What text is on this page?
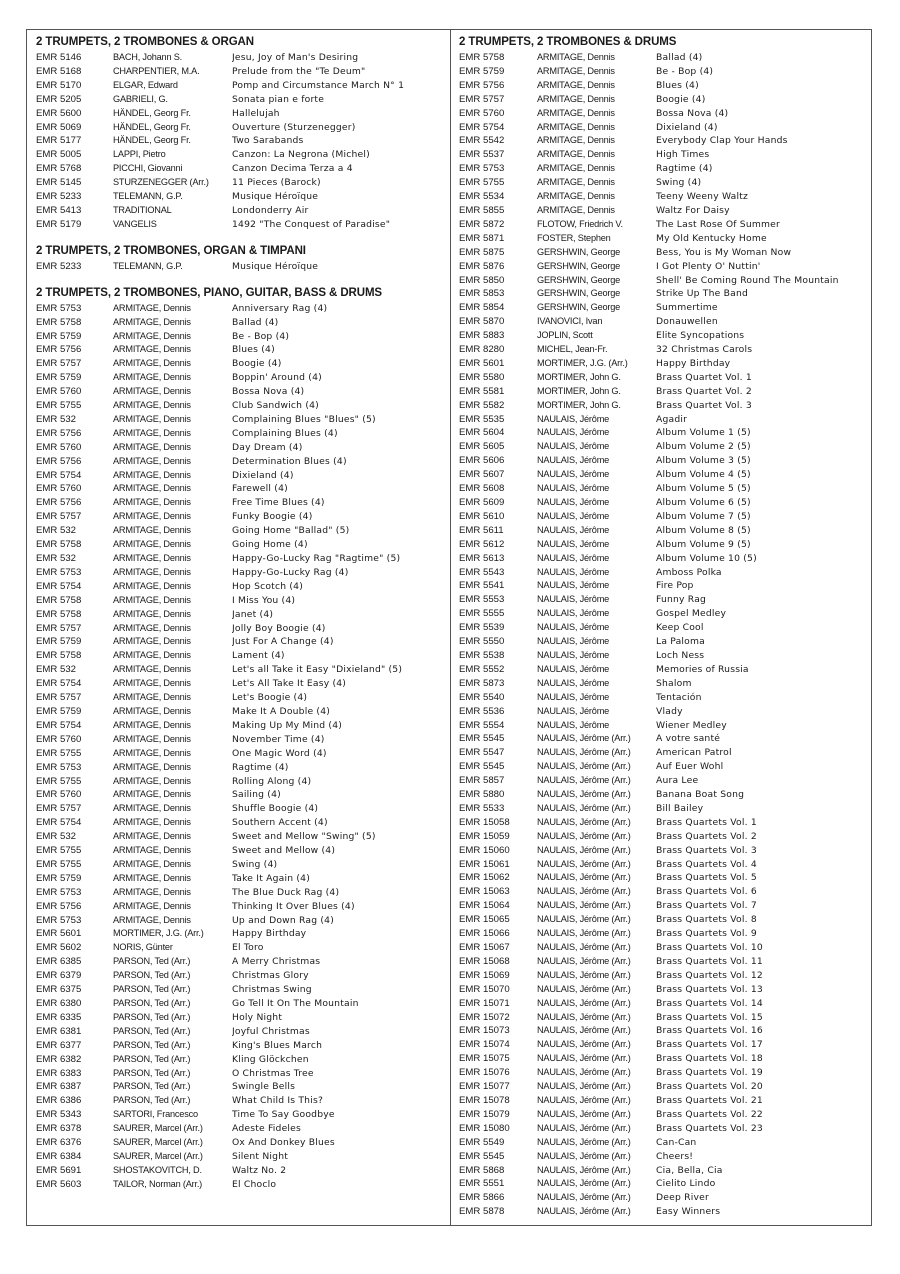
2 TRUMPETS, 2 TROMBONES & ORGAN
EMR 5146	BACH, Johann S.	Jesu, Joy of Man's Desiring
EMR 5168	CHARPENTIER, M.A.	Prelude from the "Te Deum"
EMR 5170	ELGAR, Edward	Pomp and Circumstance March N° 1
EMR 5205	GABRIELI, G.	Sonata pian e forte
EMR 5600	HÄNDEL, Georg Fr.	Hallelujah
EMR 5069	HÄNDEL, Georg Fr.	Ouverture (Sturzenegger)
EMR 5177	HÄNDEL, Georg Fr.	Two Sarabands
EMR 5005	LAPPI, Pietro	Canzon: La Negrona (Michel)
EMR 5768	PICCHI, Giovanni	Canzon Decima Terza a 4
EMR 5145	STURZENEGGER (Arr.)	11 Pieces (Barock)
EMR 5233	TELEMANN, G.P.	Musique Héroïque
EMR 5413	TRADITIONAL	Londonderry Air
EMR 5179	VANGELIS	1492 "The Conquest of Paradise"
2 TRUMPETS, 2 TROMBONES, ORGAN & TIMPANI
EMR 5233	TELEMANN, G.P.	Musique Héroïque
2 TRUMPETS, 2 TROMBONES, PIANO, GUITAR, BASS & DRUMS
EMR 5753	ARMITAGE, Dennis	Anniversary Rag (4)
EMR 5758	ARMITAGE, Dennis	Ballad (4)
EMR 5759	ARMITAGE, Dennis	Be - Bop (4)
EMR 5756	ARMITAGE, Dennis	Blues (4)
EMR 5757	ARMITAGE, Dennis	Boogie (4)
EMR 5759	ARMITAGE, Dennis	Boppin' Around (4)
EMR 5760	ARMITAGE, Dennis	Bossa Nova (4)
EMR 5755	ARMITAGE, Dennis	Club Sandwich (4)
EMR 532	ARMITAGE, Dennis	Complaining Blues "Blues" (5)
EMR 5756	ARMITAGE, Dennis	Complaining Blues (4)
EMR 5760	ARMITAGE, Dennis	Day Dream (4)
EMR 5756	ARMITAGE, Dennis	Determination Blues (4)
EMR 5754	ARMITAGE, Dennis	Dixieland (4)
EMR 5760	ARMITAGE, Dennis	Farewell (4)
EMR 5756	ARMITAGE, Dennis	Free Time Blues (4)
EMR 5757	ARMITAGE, Dennis	Funky Boogie (4)
EMR 532	ARMITAGE, Dennis	Going Home "Ballad" (5)
EMR 5758	ARMITAGE, Dennis	Going Home (4)
EMR 532	ARMITAGE, Dennis	Happy-Go-Lucky Rag "Ragtime" (5)
EMR 5753	ARMITAGE, Dennis	Happy-Go-Lucky Rag (4)
EMR 5754	ARMITAGE, Dennis	Hop Scotch (4)
EMR 5758	ARMITAGE, Dennis	I Miss You (4)
EMR 5758	ARMITAGE, Dennis	Janet (4)
EMR 5757	ARMITAGE, Dennis	Jolly Boy Boogie (4)
EMR 5759	ARMITAGE, Dennis	Just For A Change (4)
EMR 5758	ARMITAGE, Dennis	Lament (4)
EMR 532	ARMITAGE, Dennis	Let's all Take it Easy "Dixieland" (5)
EMR 5754	ARMITAGE, Dennis	Let's All Take It Easy (4)
EMR 5757	ARMITAGE, Dennis	Let's Boogie (4)
EMR 5759	ARMITAGE, Dennis	Make It A Double (4)
EMR 5754	ARMITAGE, Dennis	Making Up My Mind (4)
EMR 5760	ARMITAGE, Dennis	November Time (4)
EMR 5755	ARMITAGE, Dennis	One Magic Word (4)
EMR 5753	ARMITAGE, Dennis	Ragtime (4)
EMR 5755	ARMITAGE, Dennis	Rolling Along (4)
EMR 5760	ARMITAGE, Dennis	Sailing (4)
EMR 5757	ARMITAGE, Dennis	Shuffle Boogie (4)
EMR 5754	ARMITAGE, Dennis	Southern Accent (4)
EMR 532	ARMITAGE, Dennis	Sweet and Mellow "Swing" (5)
EMR 5755	ARMITAGE, Dennis	Sweet and Mellow (4)
EMR 5755	ARMITAGE, Dennis	Swing (4)
EMR 5759	ARMITAGE, Dennis	Take It Again (4)
EMR 5753	ARMITAGE, Dennis	The Blue Duck Rag (4)
EMR 5756	ARMITAGE, Dennis	Thinking It Over Blues (4)
EMR 5753	ARMITAGE, Dennis	Up and Down Rag (4)
EMR 5601	MORTIMER, J.G. (Arr.)	Happy Birthday
EMR 5602	NORIS, Günter	El Toro
EMR 6385	PARSON, Ted (Arr.)	A Merry Christmas
EMR 6379	PARSON, Ted (Arr.)	Christmas Glory
EMR 6375	PARSON, Ted (Arr.)	Christmas Swing
EMR 6380	PARSON, Ted (Arr.)	Go Tell It On The Mountain
EMR 6335	PARSON, Ted (Arr.)	Holy Night
EMR 6381	PARSON, Ted (Arr.)	Joyful Christmas
EMR 6377	PARSON, Ted (Arr.)	King's Blues March
EMR 6382	PARSON, Ted (Arr.)	Kling Glöckchen
EMR 6383	PARSON, Ted (Arr.)	O Christmas Tree
EMR 6387	PARSON, Ted (Arr.)	Swingle Bells
EMR 6386	PARSON, Ted (Arr.)	What Child Is This?
EMR 5343	SARTORI, Francesco	Time To Say Goodbye
EMR 6378	SAURER, Marcel (Arr.)	Adeste Fideles
EMR 6376	SAURER, Marcel (Arr.)	Ox And Donkey Blues
EMR 6384	SAURER, Marcel (Arr.)	Silent Night
EMR 5691	SHOSTAKOVITCH, D.	Waltz No. 2
EMR 5603	TAILOR, Norman (Arr.)	El Choclo
2 TRUMPETS, 2 TROMBONES & DRUMS
EMR 5758	ARMITAGE, Dennis	Ballad (4)
EMR 5759	ARMITAGE, Dennis	Be - Bop (4)
EMR 5756	ARMITAGE, Dennis	Blues (4)
EMR 5757	ARMITAGE, Dennis	Boogie (4)
EMR 5760	ARMITAGE, Dennis	Bossa Nova (4)
EMR 5754	ARMITAGE, Dennis	Dixieland (4)
EMR 5542	ARMITAGE, Dennis	Everybody Clap Your Hands
EMR 5537	ARMITAGE, Dennis	High Times
EMR 5753	ARMITAGE, Dennis	Ragtime (4)
EMR 5755	ARMITAGE, Dennis	Swing (4)
EMR 5534	ARMITAGE, Dennis	Teeny Weeny Waltz
EMR 5855	ARMITAGE, Dennis	Waltz For Daisy
EMR 5872	FLOTOW, Friedrich V.	The Last Rose Of Summer
EMR 5871	FOSTER, Stephen	My Old Kentucky Home
EMR 5875	GERSHWIN, George	Bess, You is My Woman Now
EMR 5876	GERSHWIN, George	I Got Plenty O' Nuttin'
EMR 5850	GERSHWIN, George	Shell' Be Coming Round The Mountain
EMR 5853	GERSHWIN, George	Strike Up The Band
EMR 5854	GERSHWIN, George	Summertime
EMR 5870	IVANOVICI, Ivan	Donauwellen
EMR 5883	JOPLIN, Scott	Elite Syncopations
EMR 8280	MICHEL, Jean-Fr.	32 Christmas Carols
EMR 5601	MORTIMER, J.G. (Arr.)	Happy Birthday
EMR 5580	MORTIMER, John G.	Brass Quartet Vol. 1
EMR 5581	MORTIMER, John G.	Brass Quartet Vol. 2
EMR 5582	MORTIMER, John G.	Brass Quartet Vol. 3
EMR 5535	NAULAIS, Jérôme	Agadir
EMR 5604	NAULAIS, Jérôme	Album Volume 1 (5)
EMR 5605	NAULAIS, Jérôme	Album Volume 2 (5)
EMR 5606	NAULAIS, Jérôme	Album Volume 3 (5)
EMR 5607	NAULAIS, Jérôme	Album Volume 4 (5)
EMR 5608	NAULAIS, Jérôme	Album Volume 5 (5)
EMR 5609	NAULAIS, Jérôme	Album Volume 6 (5)
EMR 5610	NAULAIS, Jérôme	Album Volume 7 (5)
EMR 5611	NAULAIS, Jérôme	Album Volume 8 (5)
EMR 5612	NAULAIS, Jérôme	Album Volume 9 (5)
EMR 5613	NAULAIS, Jérôme	Album Volume 10 (5)
EMR 5543	NAULAIS, Jérôme	Amboss Polka
EMR 5541	NAULAIS, Jérôme	Fire Pop
EMR 5553	NAULAIS, Jérôme	Funny Rag
EMR 5555	NAULAIS, Jérôme	Gospel Medley
EMR 5539	NAULAIS, Jérôme	Keep Cool
EMR 5550	NAULAIS, Jérôme	La Paloma
EMR 5538	NAULAIS, Jérôme	Loch Ness
EMR 5552	NAULAIS, Jérôme	Memories of Russia
EMR 5873	NAULAIS, Jérôme	Shalom
EMR 5540	NAULAIS, Jérôme	Tentación
EMR 5536	NAULAIS, Jérôme	Vlady
EMR 5554	NAULAIS, Jérôme	Wiener Medley
EMR 5545	NAULAIS, Jérôme (Arr.)	A votre santé
EMR 5547	NAULAIS, Jérôme (Arr.)	American Patrol
EMR 5545	NAULAIS, Jérôme (Arr.)	Auf Euer Wohl
EMR 5857	NAULAIS, Jérôme (Arr.)	Aura Lee
EMR 5880	NAULAIS, Jérôme (Arr.)	Banana Boat Song
EMR 5533	NAULAIS, Jérôme (Arr.)	Bill Bailey
EMR 15058	NAULAIS, Jérôme (Arr.)	Brass Quartets Vol. 1
EMR 15059	NAULAIS, Jérôme (Arr.)	Brass Quartets Vol. 2
EMR 15060	NAULAIS, Jérôme (Arr.)	Brass Quartets Vol. 3
EMR 15061	NAULAIS, Jérôme (Arr.)	Brass Quartets Vol. 4
EMR 15062	NAULAIS, Jérôme (Arr.)	Brass Quartets Vol. 5
EMR 15063	NAULAIS, Jérôme (Arr.)	Brass Quartets Vol. 6
EMR 15064	NAULAIS, Jérôme (Arr.)	Brass Quartets Vol. 7
EMR 15065	NAULAIS, Jérôme (Arr.)	Brass Quartets Vol. 8
EMR 15066	NAULAIS, Jérôme (Arr.)	Brass Quartets Vol. 9
EMR 15067	NAULAIS, Jérôme (Arr.)	Brass Quartets Vol. 10
EMR 15068	NAULAIS, Jérôme (Arr.)	Brass Quartets Vol. 11
EMR 15069	NAULAIS, Jérôme (Arr.)	Brass Quartets Vol. 12
EMR 15070	NAULAIS, Jérôme (Arr.)	Brass Quartets Vol. 13
EMR 15071	NAULAIS, Jérôme (Arr.)	Brass Quartets Vol. 14
EMR 15072	NAULAIS, Jérôme (Arr.)	Brass Quartets Vol. 15
EMR 15073	NAULAIS, Jérôme (Arr.)	Brass Quartets Vol. 16
EMR 15074	NAULAIS, Jérôme (Arr.)	Brass Quartets Vol. 17
EMR 15075	NAULAIS, Jérôme (Arr.)	Brass Quartets Vol. 18
EMR 15076	NAULAIS, Jérôme (Arr.)	Brass Quartets Vol. 19
EMR 15077	NAULAIS, Jérôme (Arr.)	Brass Quartets Vol. 20
EMR 15078	NAULAIS, Jérôme (Arr.)	Brass Quartets Vol. 21
EMR 15079	NAULAIS, Jérôme (Arr.)	Brass Quartets Vol. 22
EMR 15080	NAULAIS, Jérôme (Arr.)	Brass Quartets Vol. 23
EMR 5549	NAULAIS, Jérôme (Arr.)	Can-Can
EMR 5545	NAULAIS, Jérôme (Arr.)	Cheers!
EMR 5868	NAULAIS, Jérôme (Arr.)	Cia, Bella, Cia
EMR 5551	NAULAIS, Jérôme (Arr.)	Cielito Lindo
EMR 5866	NAULAIS, Jérôme (Arr.)	Deep River
EMR 5878	NAULAIS, Jérôme (Arr.)	Easy Winners
